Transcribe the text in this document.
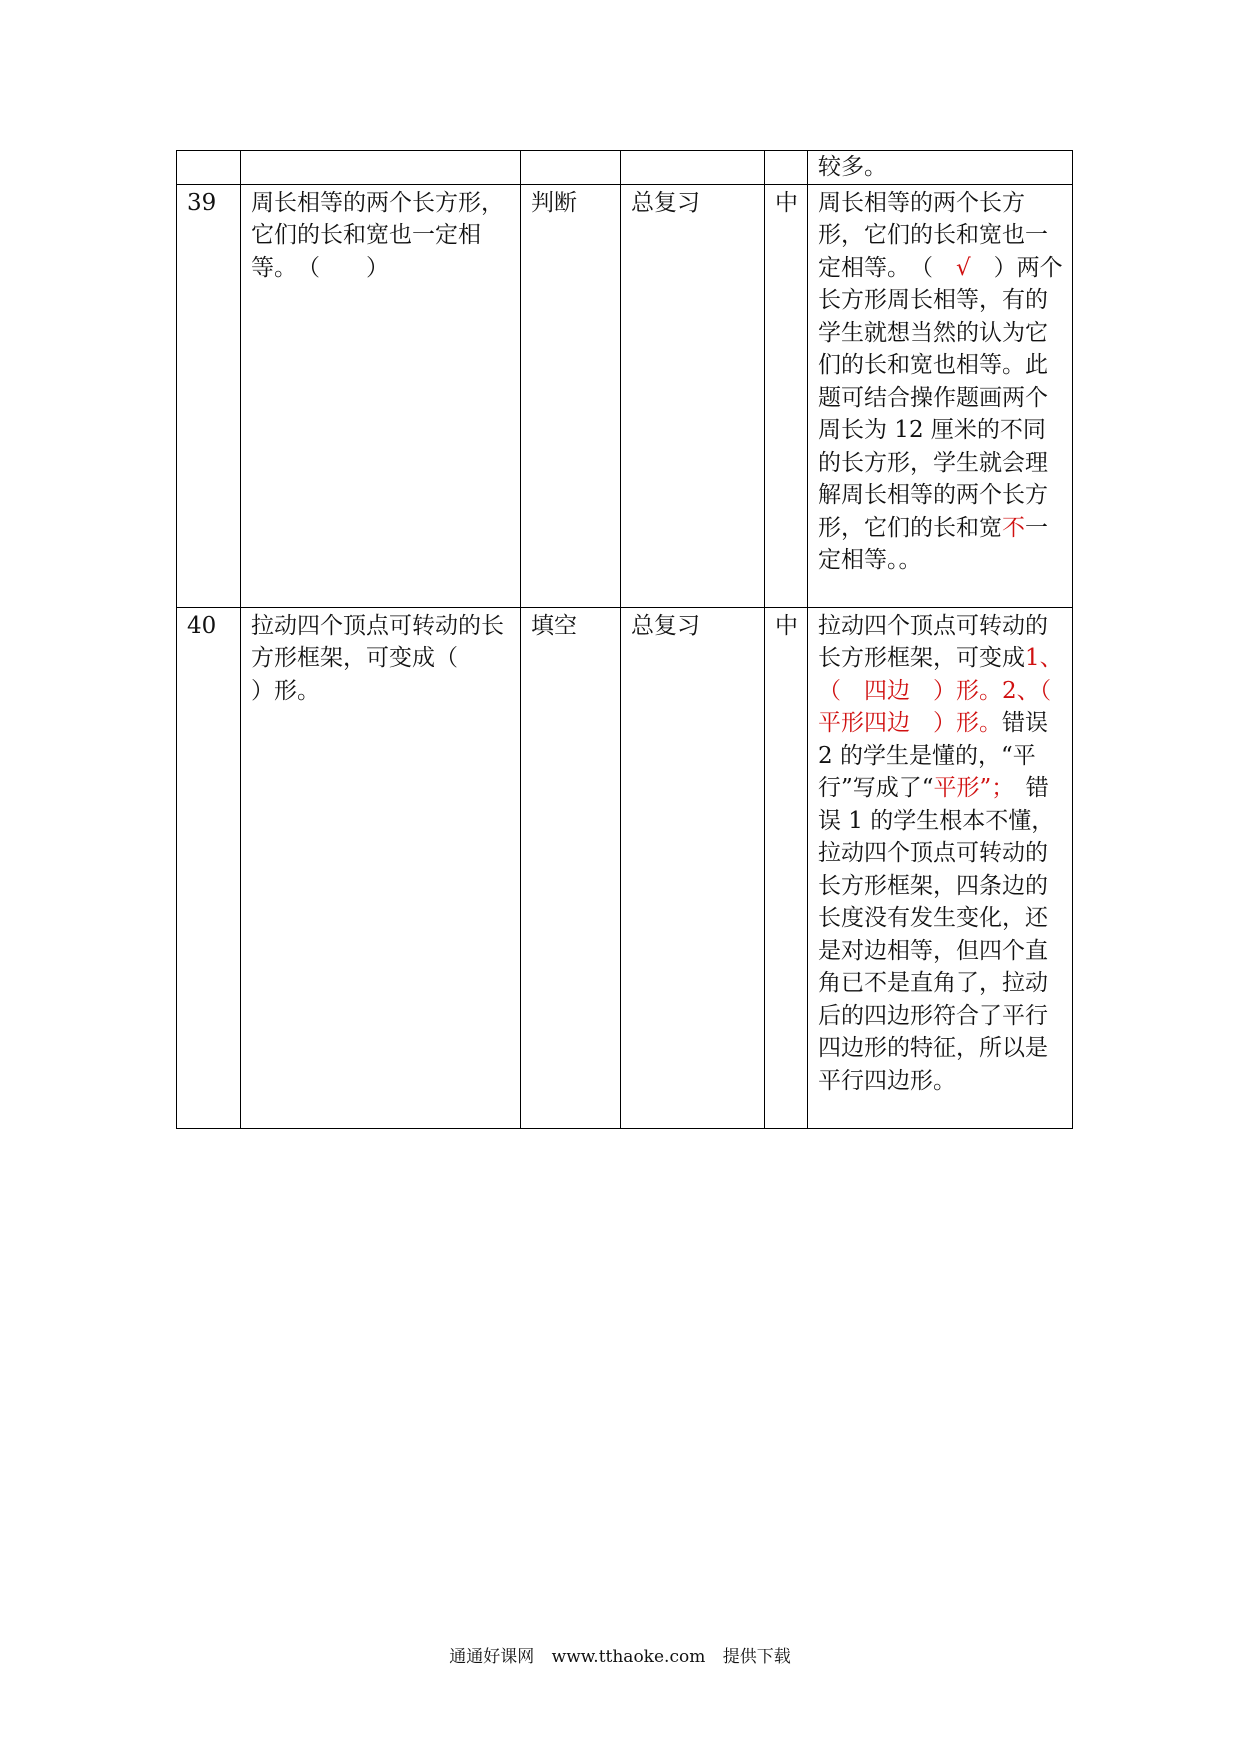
					较多。
39	周长相等的两个长方形，它们的长和宽也一定相等。　（　　）	判断	总复习	中	周长相等的两个长方形，它们的长和宽也一定相等。　（　√　）两个长方形周长相等，有的学生就想当然的认为它们的长和宽也相等。此题可结合操作题画两个周长为 12 厘米的不同的长方形，学生就会理解周长相等的两个长方形，它们的长和宽不一定相等。。
40	拉动四个顶点可转动的长方形框架，可变成（　　　　　）形。	填空	总复习	中	拉动四个顶点可转动的长方形框架，可变成1、（　四边　）形。2、（　平形四边　）形。错误 2 的学生是懂的，“平行”写成了“平形”；　错误 1 的学生根本不懂，拉动四个顶点可转动的长方形框架，四条边的长度没有发生变化，还是对边相等，但四个直角已不是直角了，拉动后的四边形符合了平行四边形的特征，所以是平行四边形。
通通好课网 www.tthaoke.com 提供下载
